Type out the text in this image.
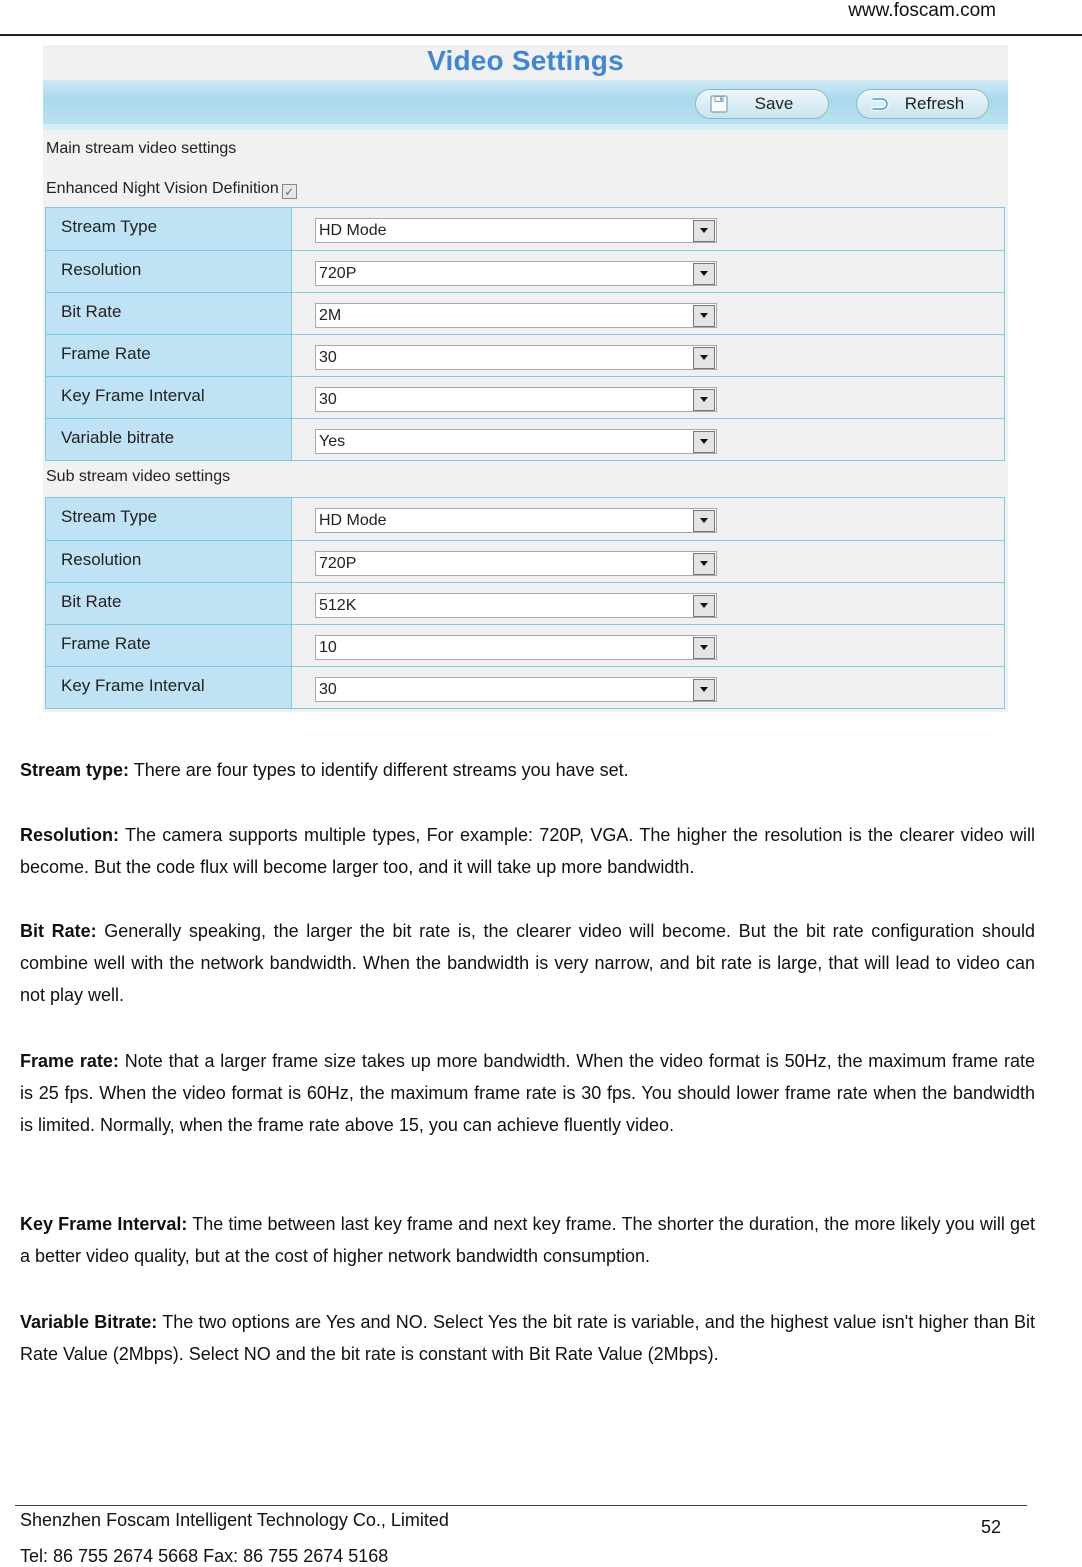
www.foscam.com
Video Settings
Save	Refresh
Main stream video settings
Enhanced Night Vision Definition ✓
Stream Type	HD Mode
Resolution	720P
Bit Rate	2M
Frame Rate	30
Key Frame Interval	30
Variable bitrate	Yes
Sub stream video settings
Stream Type	HD Mode
Resolution	720P
Bit Rate	512K
Frame Rate	10
Key Frame Interval	30

Stream type: There are four types to identify different streams you have set.

Resolution: The camera supports multiple types, For example: 720P, VGA. The higher the resolution is the clearer video will become. But the code flux will become larger too, and it will take up more bandwidth.

Bit Rate: Generally speaking, the larger the bit rate is, the clearer video will become. But the bit rate configuration should combine well with the network bandwidth. When the bandwidth is very narrow, and bit rate is large, that will lead to video can not play well.

Frame rate: Note that a larger frame size takes up more bandwidth. When the video format is 50Hz, the maximum frame rate is 25 fps. When the video format is 60Hz, the maximum frame rate is 30 fps. You should lower frame rate when the bandwidth is limited. Normally, when the frame rate above 15, you can achieve fluently video.

Key Frame Interval: The time between last key frame and next key frame. The shorter the duration, the more likely you will get a better video quality, but at the cost of higher network bandwidth consumption.

Variable Bitrate: The two options are Yes and NO. Select Yes the bit rate is variable, and the highest value isn't higher than Bit Rate Value (2Mbps). Select NO and the bit rate is constant with Bit Rate Value (2Mbps).

Shenzhen Foscam Intelligent Technology Co., Limited	52
Tel: 86 755 2674 5668 Fax: 86 755 2674 5168
